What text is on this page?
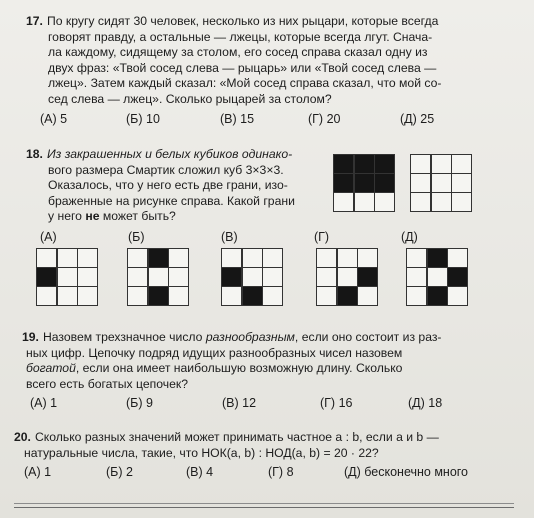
17. По кругу сидят 30 человек, несколько из них рыцари, которые всегда
говорят правду, а остальные — лжецы, которые всегда лгут. Снача-
ла каждому, сидящему за столом, его сосед справа сказал одну из
двух фраз: «Твой сосед слева — рыцарь» или «Твой сосед слева —
лжец». Затем каждый сказал: «Мой сосед справа сказал, что мой со-
сед слева — лжец». Сколько рыцарей за столом?
(А) 5	(Б) 10	(В) 15	(Г) 20	(Д) 25
18. Из закрашенных и белых кубиков одинако-
вого размера Смартик сложил куб 3×3×3.
Оказалось, что у него есть две грани, изо-
браженные на рисунке справа. Какой грани
у него не может быть?
(А)	(Б)	(В)	(Г)	(Д)
19. Назовем трехзначное число разнообразным, если оно состоит из раз-
ных цифр. Цепочку подряд идущих разнообразных чисел назовем
богатой, если она имеет наибольшую возможную длину. Сколько
всего есть богатых цепочек?
(А) 1	(Б) 9	(В) 12	(Г) 16	(Д) 18
20. Сколько разных значений может принимать частное a : b, если a и b —
натуральные числа, такие, что НОК(a, b) : НОД(a, b) = 20 · 22?
(А) 1	(Б) 2	(В) 4	(Г) 8	(Д) бесконечно много
